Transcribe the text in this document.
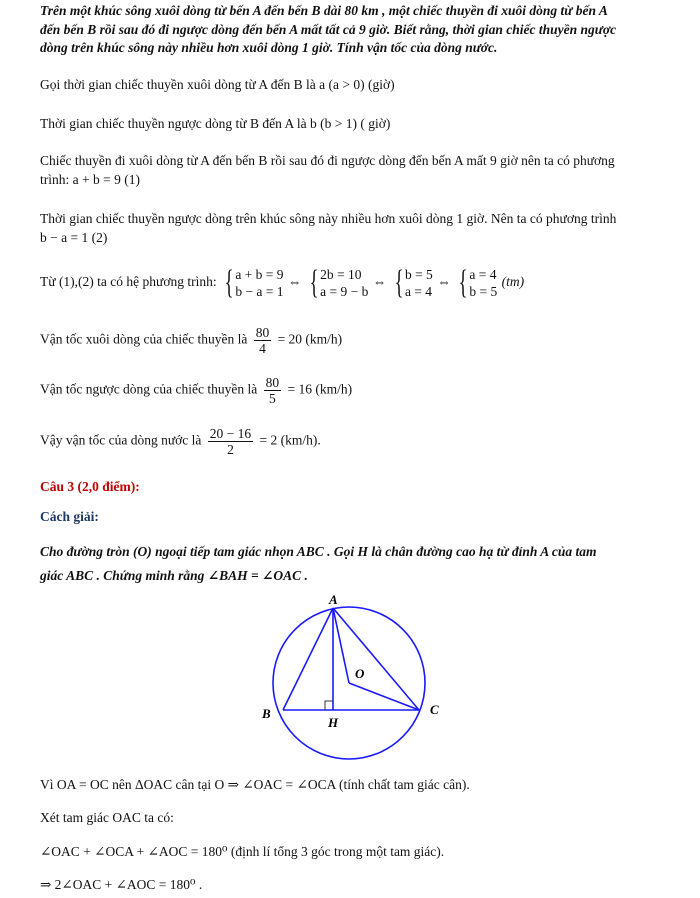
Trên một khúc sông xuôi dòng từ bến A đến bến B dài 80 km , một chiếc thuyền đi xuôi dòng từ bến A
đến bến B rồi sau đó đi ngược dòng đến bến A mất tất cả 9 giờ. Biết rằng, thời gian chiếc thuyền ngược
dòng trên khúc sông này nhiều hơn xuôi dòng 1 giờ. Tính vận tốc của dòng nước.
Gọi thời gian chiếc thuyền xuôi dòng từ A đến B là a (a > 0) (giờ)
Thời gian chiếc thuyền ngược dòng từ B đến A là b (b > 1) ( giờ)
Chiếc thuyền đi xuôi dòng từ A đến bến B rồi sau đó đi ngược dòng đến bến A mất 9 giờ nên ta có phương
trình: a + b = 9 (1)
Thời gian chiếc thuyền ngược dòng trên khúc sông này nhiều hơn xuôi dòng 1 giờ. Nên ta có phương trình
b − a = 1 (2)
Từ (1),(2) ta có hệ phương trình: { a + b = 9
b − a = 1
⇔ { 2b = 10
a = 9 − b
⇔ { b = 5
a = 4
⇔ { a = 4
b = 5
(tm)
Vận tốc xuôi dòng của chiếc thuyền là $\frac{80}{4} = 20$ (km/h)
Vận tốc ngược dòng của chiếc thuyền là $\frac{80}{5} = 16$ (km/h)
Vậy vận tốc của dòng nước là $\frac{20 - 16}{2} = 2$ (km/h).
Câu 3 (2,0 điểm):
Cách giải:
Cho đường tròn (O) ngoại tiếp tam giác nhọn ABC . Gọi H là chân đường cao hạ từ đỉnh A của tam
giác ABC . Chứng minh rằng ∠BAH = ∠OAC .
A
B	C
H
O
Vì OA = OC nên ΔOAC cân tại O ⇒ ∠OAC = ∠OCA (tính chất tam giác cân).
Xét tam giác OAC ta có:
∠OAC + ∠OCA + ∠AOC = 180⁰ (định lí tổng 3 góc trong một tam giác).
⇒ 2∠OAC + ∠AOC = 180⁰ .
